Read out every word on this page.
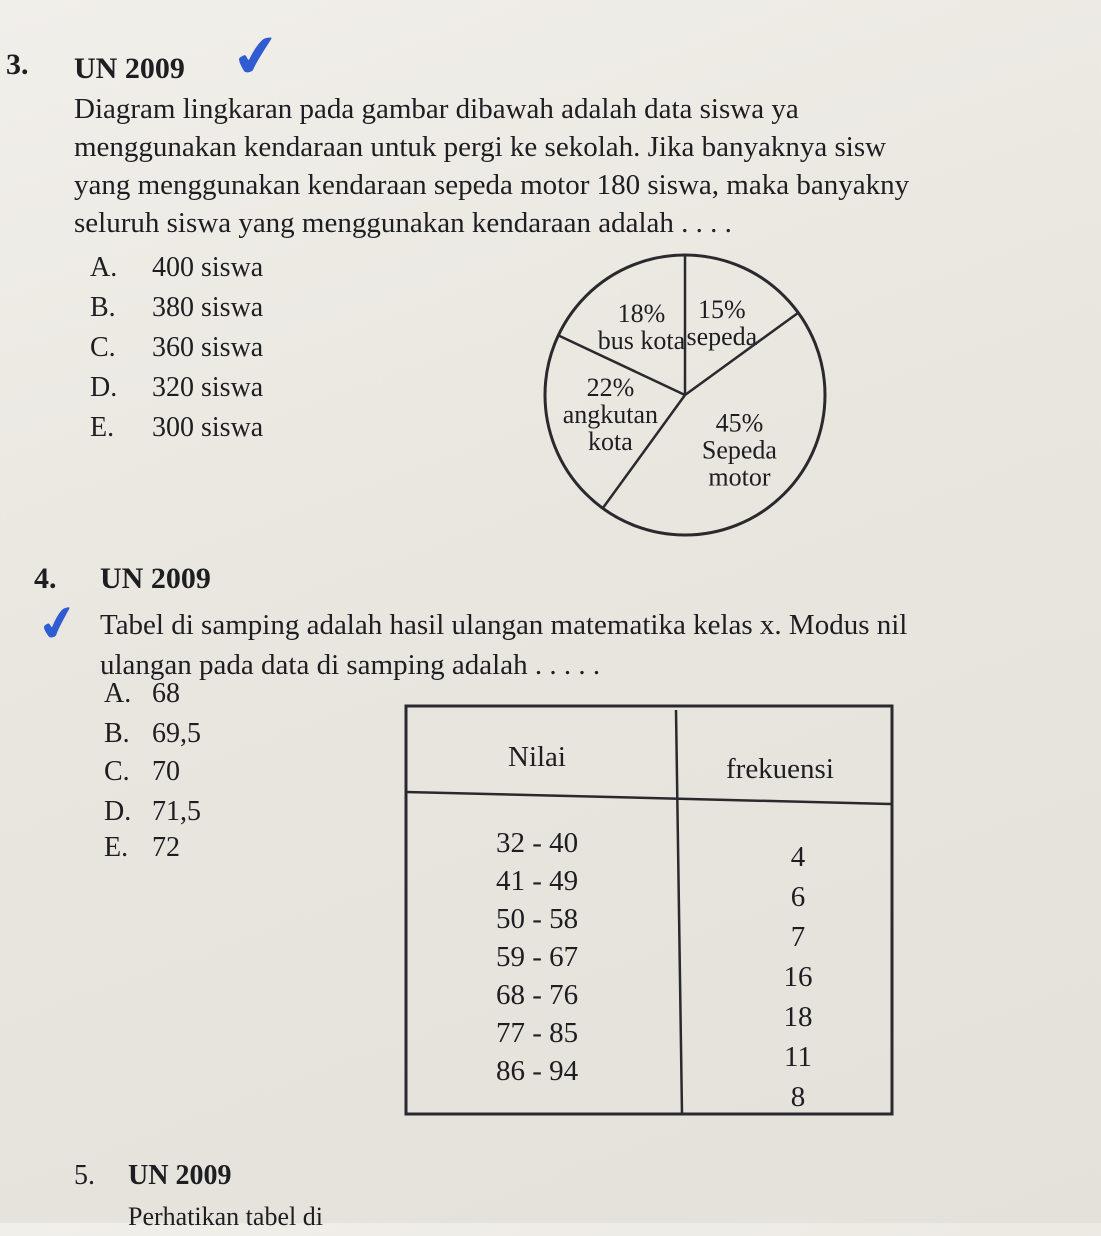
3. UN 2009 ✔
Diagram lingkaran pada gambar dibawah adalah data siswa ya
menggunakan kendaraan untuk pergi ke sekolah. Jika banyaknya sisw
yang menggunakan kendaraan sepeda motor 180 siswa, maka banyakny
seluruh siswa yang menggunakan kendaraan adalah . . . .
A. 400 siswa
B. 380 siswa
C. 360 siswa
D. 320 siswa
E. 300 siswa
15%
sepeda
45%
Sepeda
motor
22%
angkutan
kota
18%
bus kota
4. UN 2009
✔ Tabel di samping adalah hasil ulangan matematika kelas x. Modus nil
ulangan pada data di samping adalah . . . . .
A. 68
B. 69,5
C. 70
D. 71,5
E. 72
Nilai	frekuensi
32 - 40
41 - 49
50 - 58
59 - 67
68 - 76
77 - 85
86 - 94
4
6
7
16
18
11
8
5. UN 2009
Perhatikan tabel di
